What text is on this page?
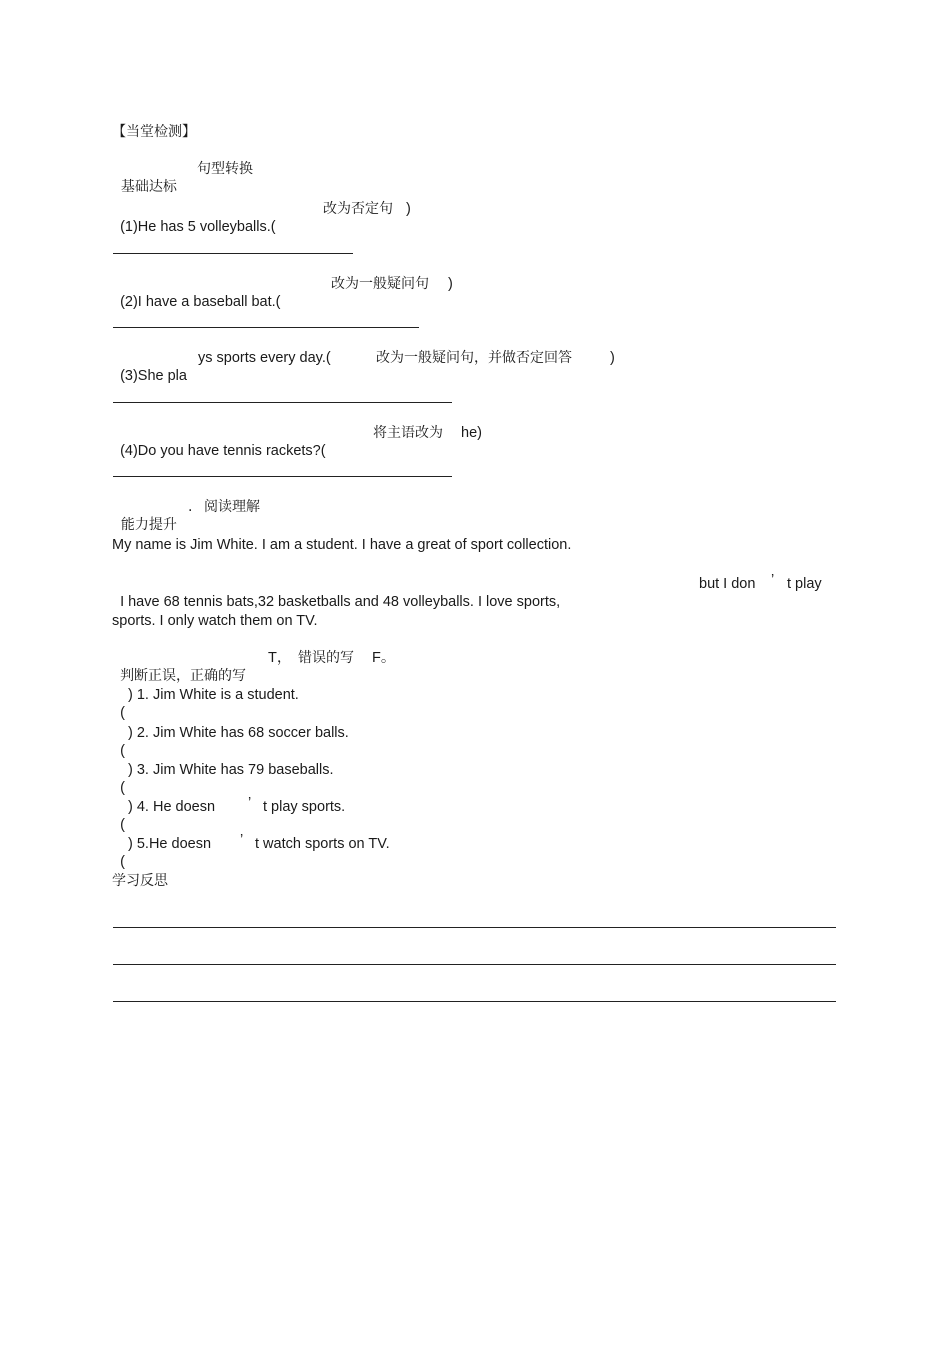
【当堂检测】

基础达标
句型转换

(1)He has 5 volleyballs.(

改为否定句

)

(2)I have a baseball bat.(

改为一般疑问句

)

(3)She pla

ys sports every day.(

	改为一般疑问句，并做否定回答

	)

(4)Do you have tennis rackets?(

将主语改为

he)

能力提升

.

阅读理解

My name is Jim White. I am a student. I have a great of sport collection.

I have 68 tennis bats,32 basketballs and 48 volleyballs. I love sports,

but I don

’

t play

sports. I only watch them on TV.

判断正误，正确的写

T，

错误的写

F。

(

) 1. Jim White is a student.

(

) 2. Jim White has 68 soccer balls.

(

) 3. Jim White has 79 baseballs.

(

) 4. He doesn

’

t play sports.

(

) 5.He doesn

’

t watch sports on TV.

学习反思
